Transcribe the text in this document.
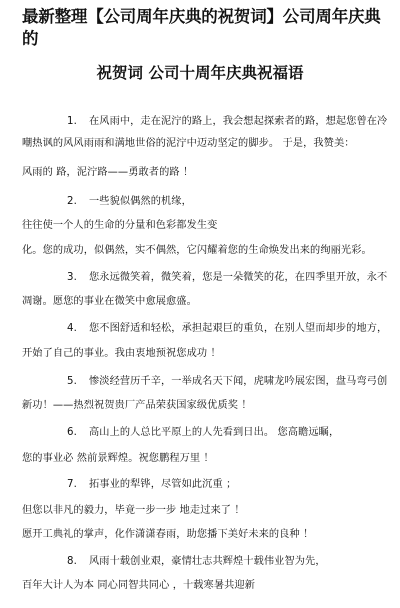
最新整理【公司周年庆典的祝贺词】公司周年庆典
的
祝贺词 公司十周年庆典祝福语
1. 在风雨中，走在泥泞的路上，我会想起探索者的路，想起您曾在冷
嘲热讽的风风雨雨和满地世俗的泥泞中迈动坚定的脚步。 于是，我赞美：
风雨的 路，泥泞路——勇敢者的路 ！
2. 一些貌似偶然的机缘，
往往使一个人的生命的分量和色彩都发生变
化。您的成功，似偶然，实不偶然，它闪耀着您的生命焕发出来的绚丽光彩。
3. 您永远微笑着，微笑着，您是一朵微笑的花，在四季里开放，永不
凋谢。愿您的事业在微笑中愈展愈盛。
4. 您不图舒适和轻松，承担起艰巨的重负，在别人望而却步的地方，
开始了自己的事业。我由衷地预祝您成功 ！
5. 惨淡经营历千辛，一举成名天下闻，虎啸龙吟展宏图，盘马弯弓创
新功！——热烈祝贺贵厂产品荣获国家级优质奖 ！
6. 高山上的人总比平原上的人先看到日出。 您高瞻远瞩，
您的事业必 然前景辉煌。祝您鹏程万里 ！
7. 拓事业的犁铧，尽管如此沉重 ；
但您以非凡的毅力，毕竟一步一步 地走过来了 ！
愿开工典礼的掌声，化作潇潇春雨，助您播下美好未来的良种 ！
8. 风雨十载创业艰，豪情壮志共辉煌十载伟业智为先，
百年大计人为本 同心同智共同心 ，十载寒暑共迎新
